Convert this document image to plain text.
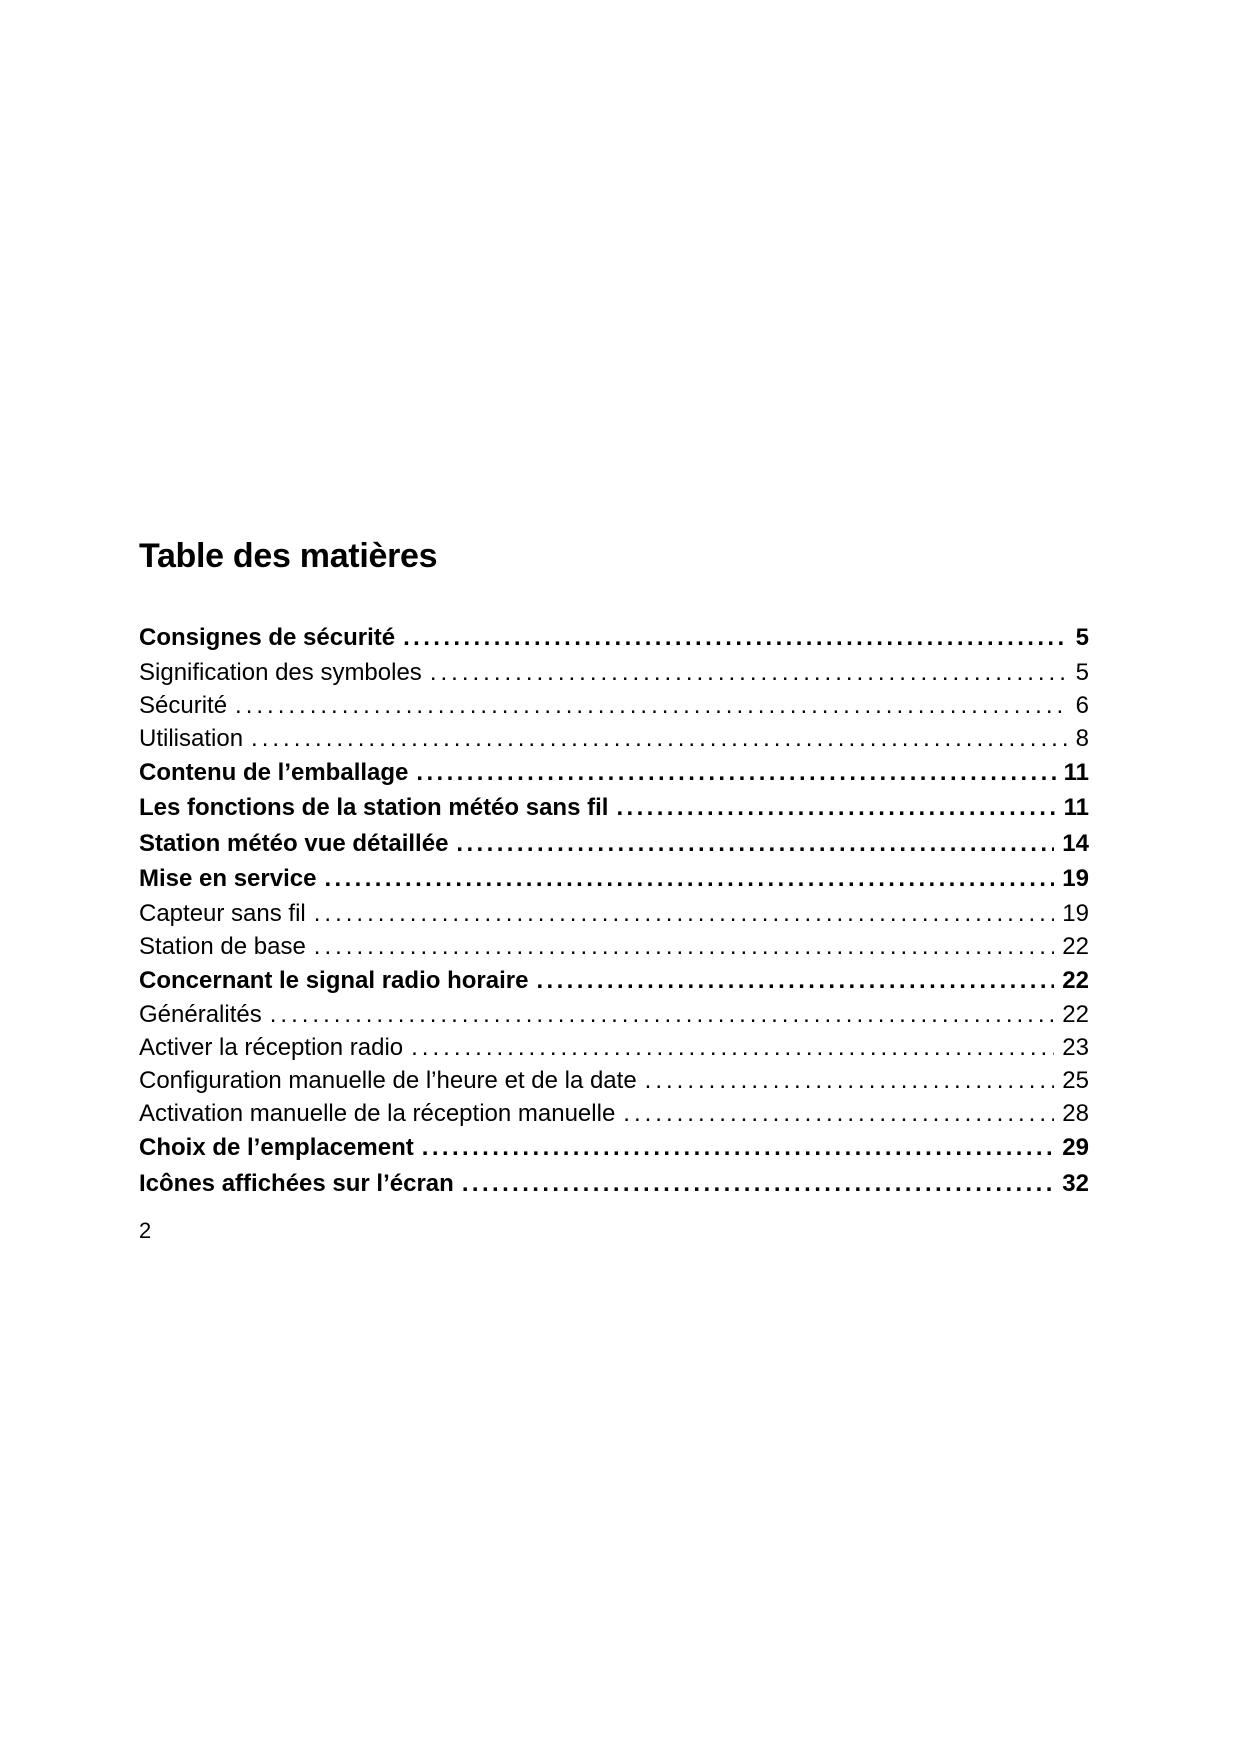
Table des matières
Consignes de sécurité .....	5
Signification des symboles .....	5
Sécurité .....	6
Utilisation .....	8
Contenu de l’emballage .....	11
Les fonctions de la station météo sans fil .....	11
Station météo vue détaillée .....	14
Mise en service .....	19
Capteur sans fil .....	19
Station de base .....	22
Concernant le signal radio horaire .....	22
Généralités .....	22
Activer la réception radio .....	23
Configuration manuelle de l’heure et de la date .....	25
Activation manuelle de la réception manuelle .....	28
Choix de l’emplacement .....	29
Icônes affichées sur l’écran .....	32
2
